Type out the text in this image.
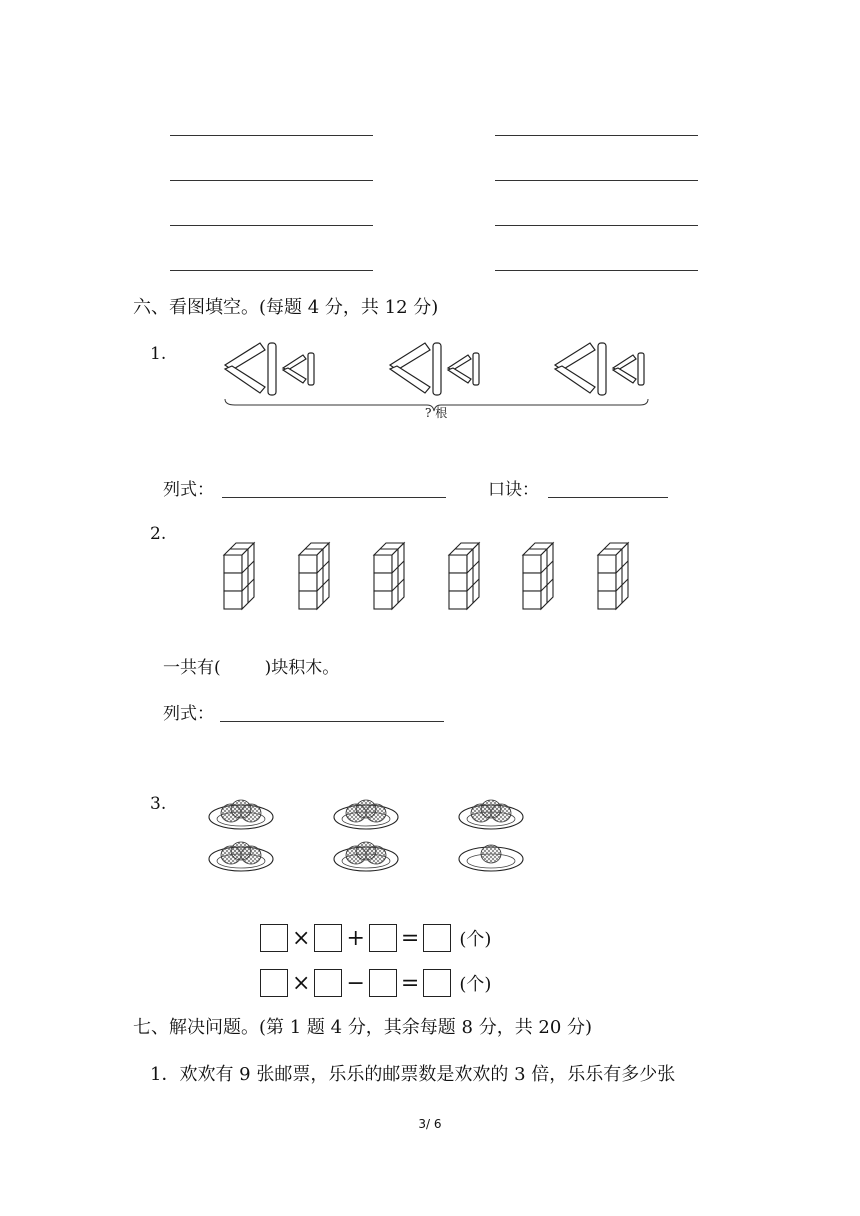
六、看图填空。(每题 4 分，共 12 分)
1.
? 根
列式：	口诀：
2.
一共有(	)块积木。
列式：
3.
× + = (个)
× − = (个)
七、解决问题。(第 1 题 4 分，其余每题 8 分，共 20 分)
1．欢欢有 9 张邮票，乐乐的邮票数是欢欢的 3 倍，乐乐有多少张
3/ 6
